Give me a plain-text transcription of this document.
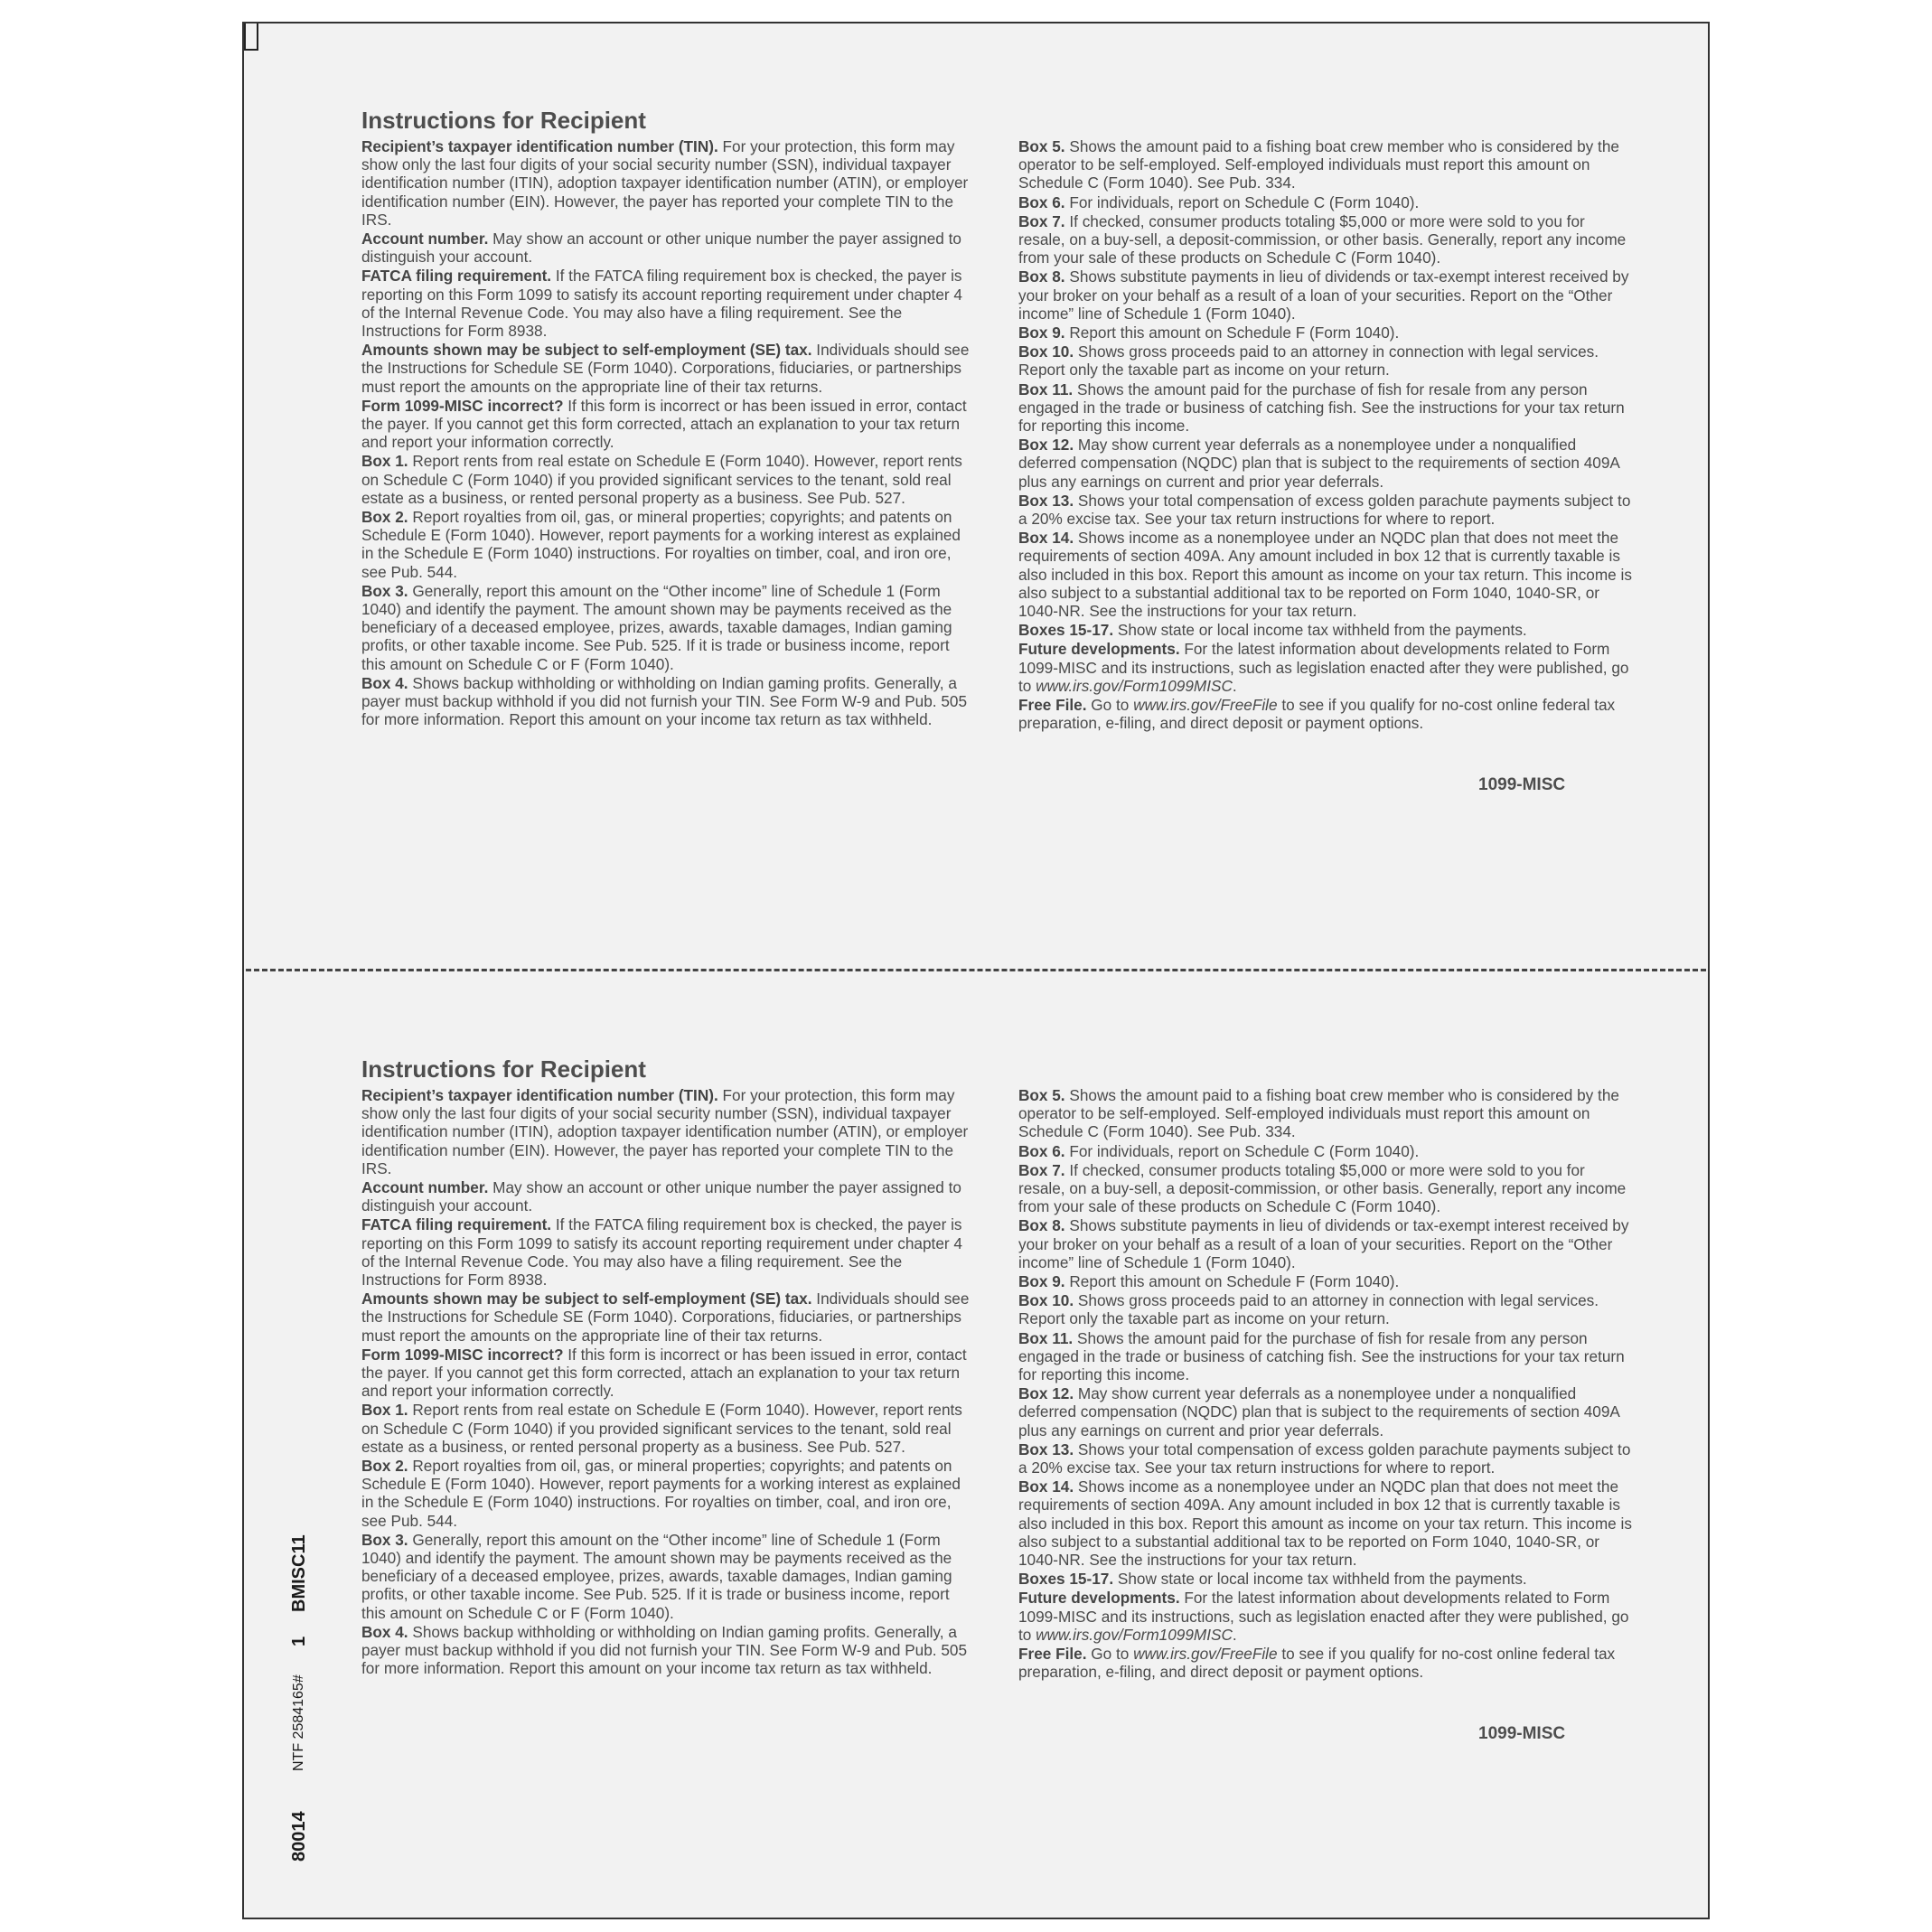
Instructions for Recipient
Recipient’s taxpayer identification number (TIN). For your protection, this form may show only the last four digits of your social security number (SSN), individual taxpayer identification number (ITIN), adoption taxpayer identification number (ATIN), or employer identification number (EIN). However, the payer has reported your complete TIN to the IRS.
Account number. May show an account or other unique number the payer assigned to distinguish your account.
FATCA filing requirement. If the FATCA filing requirement box is checked, the payer is reporting on this Form 1099 to satisfy its account reporting requirement under chapter 4 of the Internal Revenue Code. You may also have a filing requirement. See the Instructions for Form 8938.
Amounts shown may be subject to self-employment (SE) tax. Individuals should see the Instructions for Schedule SE (Form 1040). Corporations, fiduciaries, or partnerships must report the amounts on the appropriate line of their tax returns.
Form 1099-MISC incorrect? If this form is incorrect or has been issued in error, contact the payer. If you cannot get this form corrected, attach an explanation to your tax return and report your information correctly.
Box 1. Report rents from real estate on Schedule E (Form 1040). However, report rents on Schedule C (Form 1040) if you provided significant services to the tenant, sold real estate as a business, or rented personal property as a business. See Pub. 527.
Box 2. Report royalties from oil, gas, or mineral properties; copyrights; and patents on Schedule E (Form 1040). However, report payments for a working interest as explained in the Schedule E (Form 1040) instructions. For royalties on timber, coal, and iron ore, see Pub. 544.
Box 3. Generally, report this amount on the “Other income” line of Schedule 1 (Form 1040) and identify the payment. The amount shown may be payments received as the beneficiary of a deceased employee, prizes, awards, taxable damages, Indian gaming profits, or other taxable income. See Pub. 525. If it is trade or business income, report this amount on Schedule C or F (Form 1040).
Box 4. Shows backup withholding or withholding on Indian gaming profits. Generally, a payer must backup withhold if you did not furnish your TIN. See Form W-9 and Pub. 505 for more information. Report this amount on your income tax return as tax withheld.
Box 5. Shows the amount paid to a fishing boat crew member who is considered by the operator to be self-employed. Self-employed individuals must report this amount on Schedule C (Form 1040). See Pub. 334.
Box 6. For individuals, report on Schedule C (Form 1040).
Box 7. If checked, consumer products totaling $5,000 or more were sold to you for resale, on a buy-sell, a deposit-commission, or other basis. Generally, report any income from your sale of these products on Schedule C (Form 1040).
Box 8. Shows substitute payments in lieu of dividends or tax-exempt interest received by your broker on your behalf as a result of a loan of your securities. Report on the “Other income” line of Schedule 1 (Form 1040).
Box 9. Report this amount on Schedule F (Form 1040).
Box 10. Shows gross proceeds paid to an attorney in connection with legal services. Report only the taxable part as income on your return.
Box 11. Shows the amount paid for the purchase of fish for resale from any person engaged in the trade or business of catching fish. See the instructions for your tax return for reporting this income.
Box 12. May show current year deferrals as a nonemployee under a nonqualified deferred compensation (NQDC) plan that is subject to the requirements of section 409A plus any earnings on current and prior year deferrals.
Box 13. Shows your total compensation of excess golden parachute payments subject to a 20% excise tax. See your tax return instructions for where to report.
Box 14. Shows income as a nonemployee under an NQDC plan that does not meet the requirements of section 409A. Any amount included in box 12 that is currently taxable is also included in this box. Report this amount as income on your tax return. This income is also subject to a substantial additional tax to be reported on Form 1040, 1040-SR, or 1040-NR. See the instructions for your tax return.
Boxes 15-17. Show state or local income tax withheld from the payments.
Future developments. For the latest information about developments related to Form 1099-MISC and its instructions, such as legislation enacted after they were published, go to www.irs.gov/Form1099MISC.
Free File. Go to www.irs.gov/FreeFile to see if you qualify for no-cost online federal tax preparation, e-filing, and direct deposit or payment options.
1099-MISC
Instructions for Recipient
Recipient’s taxpayer identification number (TIN). For your protection, this form may show only the last four digits of your social security number (SSN), individual taxpayer identification number (ITIN), adoption taxpayer identification number (ATIN), or employer identification number (EIN). However, the payer has reported your complete TIN to the IRS.
Account number. May show an account or other unique number the payer assigned to distinguish your account.
FATCA filing requirement. If the FATCA filing requirement box is checked, the payer is reporting on this Form 1099 to satisfy its account reporting requirement under chapter 4 of the Internal Revenue Code. You may also have a filing requirement. See the Instructions for Form 8938.
Amounts shown may be subject to self-employment (SE) tax. Individuals should see the Instructions for Schedule SE (Form 1040). Corporations, fiduciaries, or partnerships must report the amounts on the appropriate line of their tax returns.
Form 1099-MISC incorrect? If this form is incorrect or has been issued in error, contact the payer. If you cannot get this form corrected, attach an explanation to your tax return and report your information correctly.
Box 1. Report rents from real estate on Schedule E (Form 1040). However, report rents on Schedule C (Form 1040) if you provided significant services to the tenant, sold real estate as a business, or rented personal property as a business. See Pub. 527.
Box 2. Report royalties from oil, gas, or mineral properties; copyrights; and patents on Schedule E (Form 1040). However, report payments for a working interest as explained in the Schedule E (Form 1040) instructions. For royalties on timber, coal, and iron ore, see Pub. 544.
Box 3. Generally, report this amount on the “Other income” line of Schedule 1 (Form 1040) and identify the payment. The amount shown may be payments received as the beneficiary of a deceased employee, prizes, awards, taxable damages, Indian gaming profits, or other taxable income. See Pub. 525. If it is trade or business income, report this amount on Schedule C or F (Form 1040).
Box 4. Shows backup withholding or withholding on Indian gaming profits. Generally, a payer must backup withhold if you did not furnish your TIN. See Form W-9 and Pub. 505 for more information. Report this amount on your income tax return as tax withheld.
Box 5. Shows the amount paid to a fishing boat crew member who is considered by the operator to be self-employed. Self-employed individuals must report this amount on Schedule C (Form 1040). See Pub. 334.
Box 6. For individuals, report on Schedule C (Form 1040).
Box 7. If checked, consumer products totaling $5,000 or more were sold to you for resale, on a buy-sell, a deposit-commission, or other basis. Generally, report any income from your sale of these products on Schedule C (Form 1040).
Box 8. Shows substitute payments in lieu of dividends or tax-exempt interest received by your broker on your behalf as a result of a loan of your securities. Report on the “Other income” line of Schedule 1 (Form 1040).
Box 9. Report this amount on Schedule F (Form 1040).
Box 10. Shows gross proceeds paid to an attorney in connection with legal services. Report only the taxable part as income on your return.
Box 11. Shows the amount paid for the purchase of fish for resale from any person engaged in the trade or business of catching fish. See the instructions for your tax return for reporting this income.
Box 12. May show current year deferrals as a nonemployee under a nonqualified deferred compensation (NQDC) plan that is subject to the requirements of section 409A plus any earnings on current and prior year deferrals.
Box 13. Shows your total compensation of excess golden parachute payments subject to a 20% excise tax. See your tax return instructions for where to report.
Box 14. Shows income as a nonemployee under an NQDC plan that does not meet the requirements of section 409A. Any amount included in box 12 that is currently taxable is also included in this box. Report this amount as income on your tax return. This income is also subject to a substantial additional tax to be reported on Form 1040, 1040-SR, or 1040-NR. See the instructions for your tax return.
Boxes 15-17. Show state or local income tax withheld from the payments.
Future developments. For the latest information about developments related to Form 1099-MISC and its instructions, such as legislation enacted after they were published, go to www.irs.gov/Form1099MISC.
Free File. Go to www.irs.gov/FreeFile to see if you qualify for no-cost online federal tax preparation, e-filing, and direct deposit or payment options.
1099-MISC
80014
NTF 2584165#
1
BMISC11
